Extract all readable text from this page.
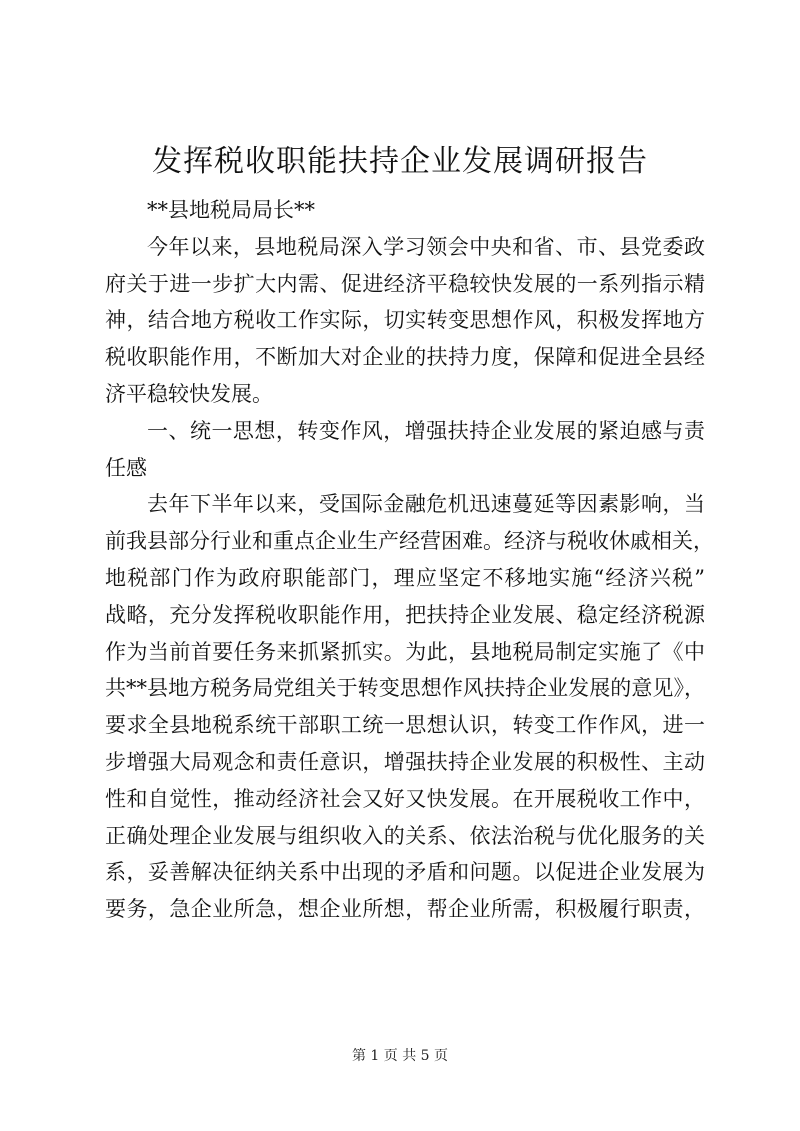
发挥税收职能扶持企业发展调研报告
**县地税局局长**
今年以来，县地税局深入学习领会中央和省、市、县党委政
府关于进一步扩大内需、促进经济平稳较快发展的一系列指示精
神，结合地方税收工作实际，切实转变思想作风，积极发挥地方
税收职能作用，不断加大对企业的扶持力度，保障和促进全县经
济平稳较快发展。
一、统一思想，转变作风，增强扶持企业发展的紧迫感与责
任感
去年下半年以来，受国际金融危机迅速蔓延等因素影响，当
前我县部分行业和重点企业生产经营困难。经济与税收休戚相关，
地税部门作为政府职能部门，理应坚定不移地实施“经济兴税”
战略，充分发挥税收职能作用，把扶持企业发展、稳定经济税源
作为当前首要任务来抓紧抓实。为此，县地税局制定实施了《中
共**县地方税务局党组关于转变思想作风扶持企业发展的意见》，
要求全县地税系统干部职工统一思想认识，转变工作作风，进一
步增强大局观念和责任意识，增强扶持企业发展的积极性、主动
性和自觉性，推动经济社会又好又快发展。在开展税收工作中，
正确处理企业发展与组织收入的关系、依法治税与优化服务的关
系，妥善解决征纳关系中出现的矛盾和问题。以促进企业发展为
要务，急企业所急，想企业所想，帮企业所需，积极履行职责，
第 1 页 共 5 页
